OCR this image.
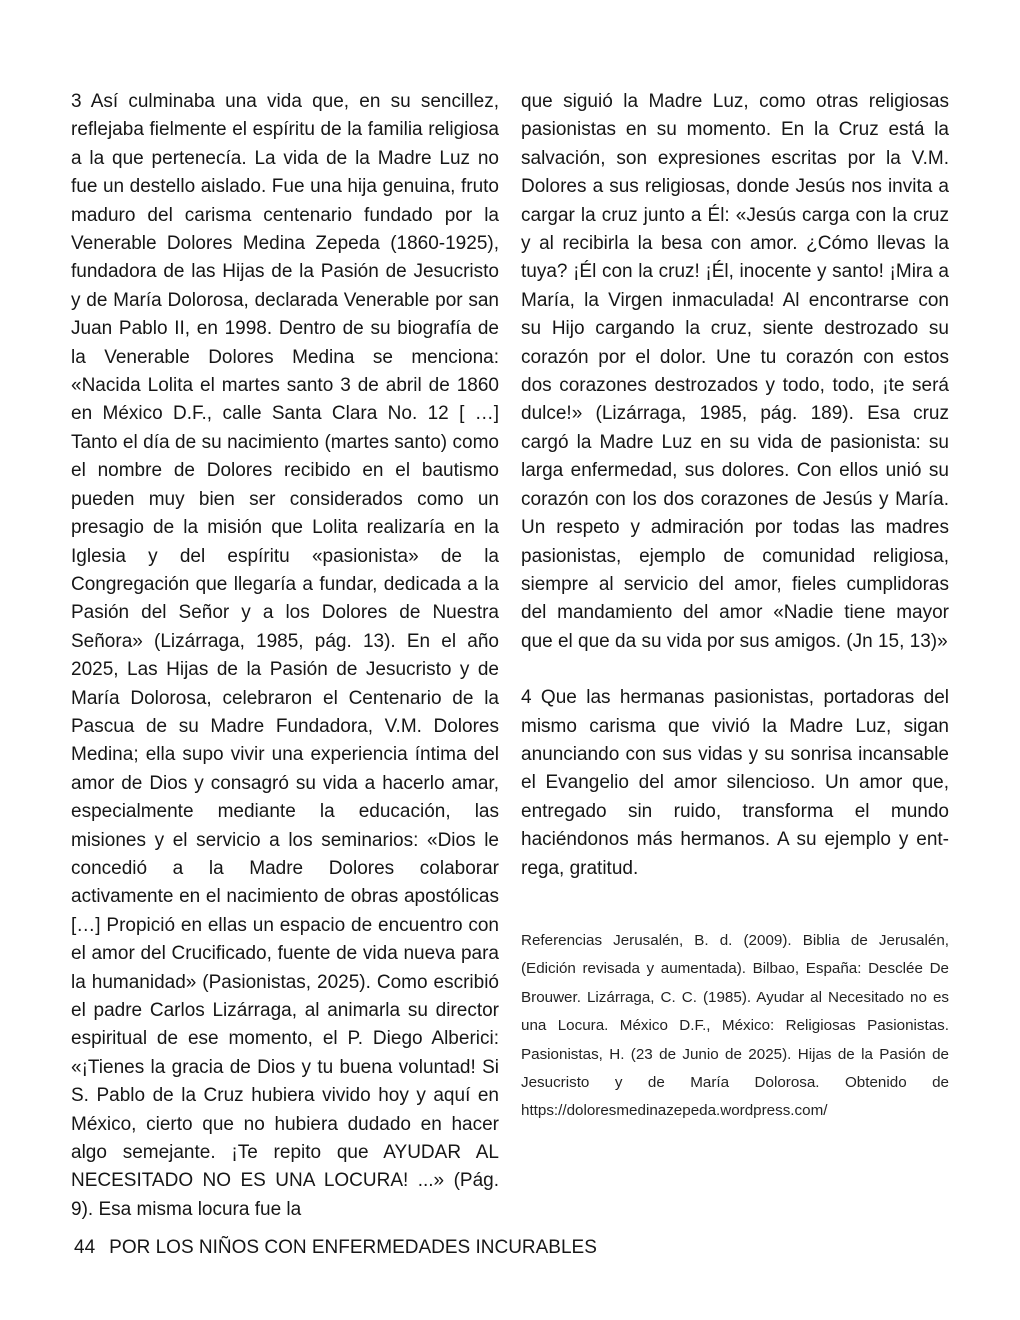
3 Así culminaba una vida que, en su sencillez, reflejaba fielmente el espíritu de la familia religiosa a la que pertenecía. La vida de la Madre Luz no fue un destello aislado. Fue una hija genuina, fruto maduro del carisma centenario fundado por la Venerable Dolores Medina Zepeda (1860-1925), fundadora de las Hijas de la Pasión de Jesucristo y de María Dolorosa, declarada Venerable por san Juan Pablo II, en 1998. Dentro de su biografía de la Venerable Dolores Medina se menciona: «Nacida Lolita el martes santo 3 de abril de 1860 en México D.F., calle Santa Clara No. 12 [ …] Tanto el día de su nacimiento (martes santo) como el nombre de Dolores recibido en el bautismo pueden muy bien ser considerados como un presagio de la misión que Lolita realizaría en la Iglesia y del espíritu «pasionista» de la Congregación que llegaría a fundar, dedicada a la Pasión del Señor y a los Dolores de Nuestra Señora» (Lizárraga, 1985, pág. 13). En el año 2025, Las Hijas de la Pasión de Jesucristo y de María Dolorosa, celebraron el Centenario de la Pascua de su Madre Fundadora, V.M. Dolores Medina; ella supo vivir una experiencia íntima del amor de Dios y consagró su vida a hacerlo amar, especialmente mediante la educación, las misiones y el servicio a los seminarios: «Dios le concedió a la Madre Dolores colaborar activamente en el nacimiento de obras apostólicas […] Propició en ellas un espacio de encuentro con el amor del Crucificado, fuente de vida nueva para la humanidad» (Pasionistas, 2025). Como escribió el padre Carlos Lizárraga, al animarla su director espiritual de ese momento, el P. Diego Alberici: «¡Tienes la gracia de Dios y tu buena voluntad! Si S. Pablo de la Cruz hubiera vivido hoy y aquí en México, cierto que no hubiera dudado en hacer algo semejante. ¡Te repito que AYUDAR AL NECESITADO NO ES UNA LOCURA! ...» (Pág. 9). Esa misma locura fue la

que siguió la Madre Luz, como otras religiosas pasionistas en su momento. En la Cruz está la salvación, son expresiones escritas por la V.M. Dolores a sus religiosas, donde Jesús nos invita a cargar la cruz junto a Él: «Jesús carga con la cruz y al recibirla la besa con amor. ¿Cómo llevas la tuya? ¡Él con la cruz! ¡Él, inocente y santo! ¡Mira a María, la Virgen inmaculada! Al encontrarse con su Hijo cargando la cruz, siente destrozado su corazón por el dolor. Une tu corazón con estos dos corazones destrozados y todo, todo, ¡te será dulce!» (Lizárraga, 1985, pág. 189). Esa cruz cargó la Madre Luz en su vida de pasionista: su larga enfermedad, sus dolores. Con ellos unió su corazón con los dos corazones de Jesús y María. Un respeto y admiración por todas las madres pasionistas, ejemplo de comunidad religiosa, siempre al servicio del amor, fieles cumplidoras del mandamiento del amor «Nadie tiene mayor que el que da su vida por sus amigos. (Jn 15, 13)»

4 Que las hermanas pasionistas, portadoras del mismo carisma que vivió la Madre Luz, sigan anunciando con sus vidas y su sonrisa incansable el Evangelio del amor silencioso. Un amor que, entregado sin ruido, transforma el mundo haciéndonos más hermanos. A su ejemplo y entrega, gratitud.

Referencias Jerusalén, B. d. (2009). Biblia de Jerusalén, (Edición revisada y aumentada). Bilbao, España: Desclée De Brouwer. Lizárraga, C. C. (1985). Ayudar al Necesitado no es una Locura. México D.F., México: Religiosas Pasionistas. Pasionistas, H. (23 de Junio de 2025). Hijas de la Pasión de Jesucristo y de María Dolorosa. Obtenido de https://doloresmedinazepeda.wordpress.com/

44 POR LOS NIÑOS CON ENFERMEDADES INCURABLES
